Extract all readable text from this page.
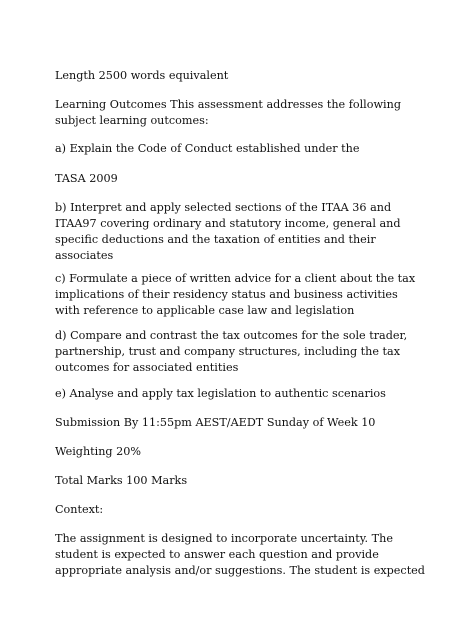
Length 2500 words equivalent

Learning Outcomes This assessment addresses the following
subject learning outcomes:

a) Explain the Code of Conduct established under the

TASA 2009

b) Interpret and apply selected sections of the ITAA 36 and
ITAA97 covering ordinary and statutory income, general and
specific deductions and the taxation of entities and their
associates

c) Formulate a piece of written advice for a client about the tax
implications of their residency status and business activities
with reference to applicable case law and legislation

d) Compare and contrast the tax outcomes for the sole trader,
partnership, trust and company structures, including the tax
outcomes for associated entities

e) Analyse and apply tax legislation to authentic scenarios

Submission By 11:55pm AEST/AEDT Sunday of Week 10

Weighting 20%

Total Marks 100 Marks

Context:

The assignment is designed to incorporate uncertainty. The
student is expected to answer each question and provide
appropriate analysis and/or suggestions. The student is expected
